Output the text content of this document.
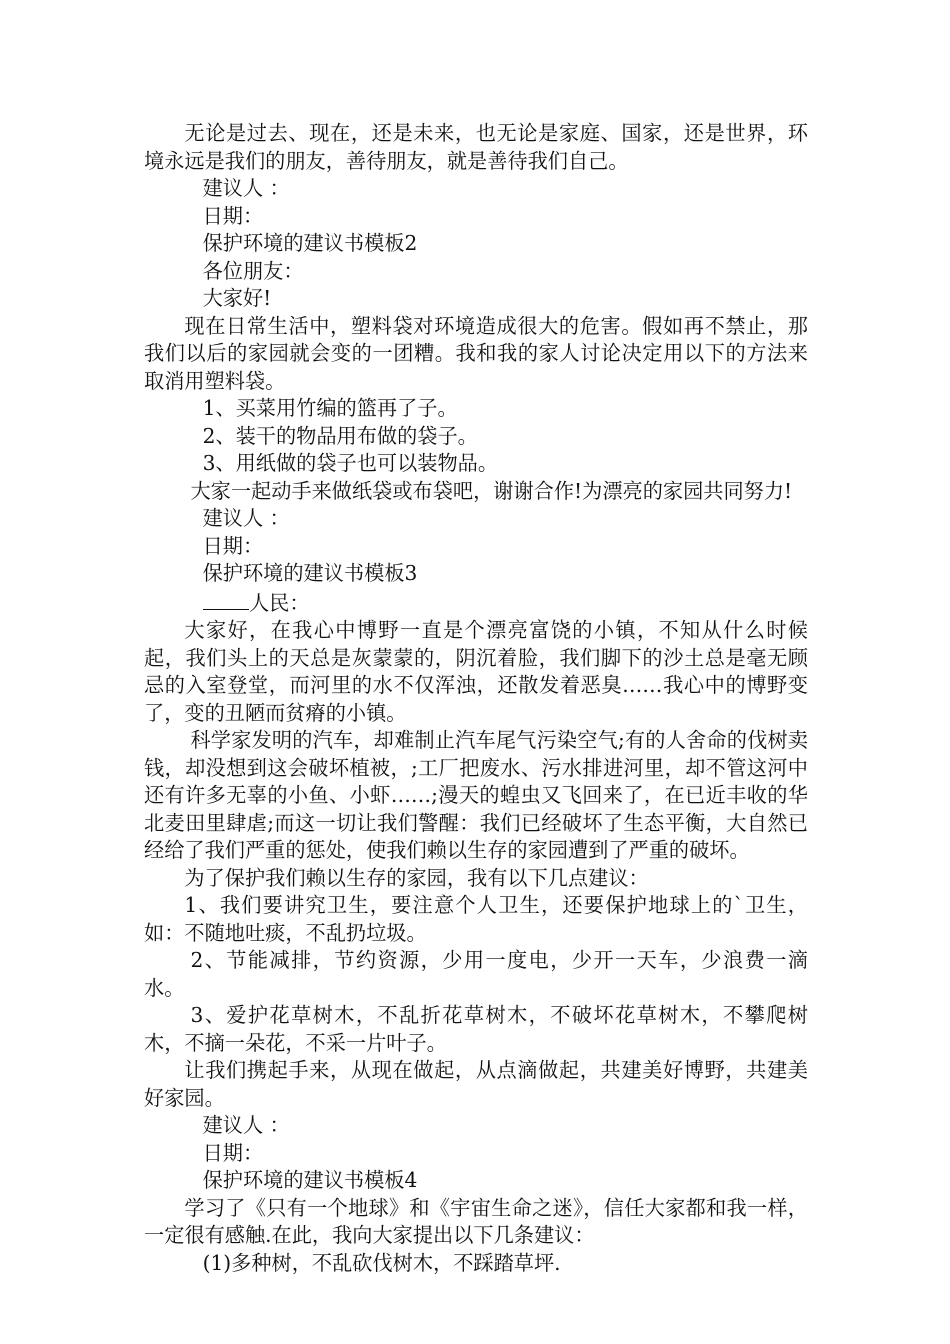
无论是过去、现在，还是未来，也无论是家庭、国家，还是世界，环境永远是我们的朋友，善待朋友，就是善待我们自己。

建议人 ：

日期：

保护环境的建议书模板2

各位朋友：

大家好!

现在日常生活中，塑料袋对环境造成很大的危害。假如再不禁止，那我们以后的家园就会变的一团糟。我和我的家人讨论决定用以下的方法来取消用塑料袋。

1、买菜用竹编的篮再了子。

2、装干的物品用布做的袋子。

3、用纸做的袋子也可以装物品。

大家一起动手来做纸袋或布袋吧，谢谢合作!为漂亮的家园共同努力!

建议人 ：

日期：

保护环境的建议书模板3

人民：

大家好，在我心中博野一直是个漂亮富饶的小镇，不知从什么时候起，我们头上的天总是灰蒙蒙的，阴沉着脸，我们脚下的沙土总是毫无顾忌的入室登堂，而河里的水不仅浑浊，还散发着恶臭……我心中的博野变了，变的丑陋而贫瘠的小镇。

科学家发明的汽车，却难制止汽车尾气污染空气;有的人舍命的伐树卖钱，却没想到这会破坏植被，;工厂把废水、污水排进河里，却不管这河中还有许多无辜的小鱼、小虾……;漫天的蝗虫又飞回来了，在已近丰收的华北麦田里肆虐;而这一切让我们警醒：我们已经破坏了生态平衡，大自然已经给了我们严重的惩处，使我们赖以生存的家园遭到了严重的破坏。

为了保护我们赖以生存的家园，我有以下几点建议：

1、我们要讲究卫生，要注意个人卫生，还要保护地球上的`卫生，如：不随地吐痰，不乱扔垃圾。

2、节能减排，节约资源，少用一度电，少开一天车，少浪费一滴水。

3、爱护花草树木，不乱折花草树木，不破坏花草树木，不攀爬树木，不摘一朵花，不采一片叶子。

让我们携起手来，从现在做起，从点滴做起，共建美好博野，共建美好家园。

建议人 ：

日期：

保护环境的建议书模板4

学习了《只有一个地球》和《宇宙生命之迷》，信任大家都和我一样，一定很有感触.在此，我向大家提出以下几条建议：

(1)多种树，不乱砍伐树木，不踩踏草坪.
